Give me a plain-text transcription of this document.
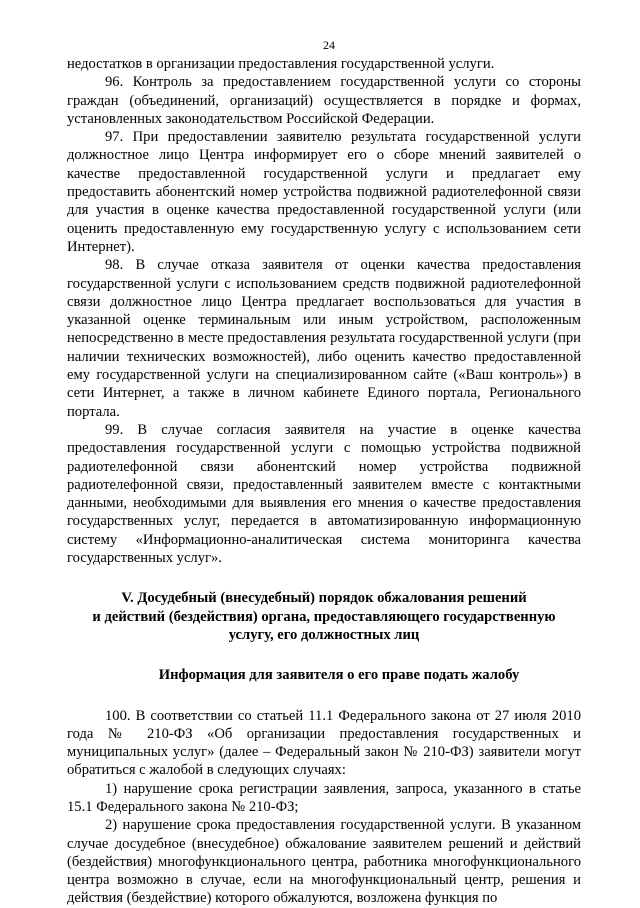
24

недостатков в организации предоставления государственной услуги.

96. Контроль за предоставлением государственной услуги со стороны граждан (объединений, организаций) осуществляется в порядке и формах, установленных законодательством Российской Федерации.

97. При предоставлении заявителю результата государственной услуги должностное лицо Центра информирует его о сборе мнений заявителей о качестве предоставленной государственной услуги и предлагает ему предоставить абонентский номер устройства подвижной радиотелефонной связи для участия в оценке качества предоставленной государственной услуги (или оценить предоставленную ему государственную услугу с использованием сети Интернет).

98. В случае отказа заявителя от оценки качества предоставления государственной услуги с использованием средств подвижной радиотелефонной связи должностное лицо Центра предлагает воспользоваться для участия в указанной оценке терминальным или иным устройством, расположенным непосредственно в месте предоставления результата государственной услуги (при наличии технических возможностей), либо оценить качество предоставленной ему государственной услуги на специализированном сайте («Ваш контроль») в сети Интернет, а также в личном кабинете Единого портала, Регионального портала.

99. В случае согласия заявителя на участие в оценке качества предоставления государственной услуги с помощью устройства подвижной радиотелефонной связи абонентский номер устройства подвижной радиотелефонной связи, предоставленный заявителем вместе с контактными данными, необходимыми для выявления его мнения о качестве предоставления государственных услуг, передается в автоматизированную информационную систему «Информационно-аналитическая система мониторинга качества государственных услуг».

V. Досудебный (внесудебный) порядок обжалования решений
и действий (бездействия) органа, предоставляющего государственную
услугу, его должностных лиц
Информация для заявителя о его праве подать жалобу

100. В соответствии со статьей 11.1 Федерального закона от 27 июля 2010 года № 210-ФЗ «Об организации предоставления государственных и муниципальных услуг» (далее – Федеральный закон № 210-ФЗ) заявители могут обратиться с жалобой в следующих случаях:

1) нарушение срока регистрации заявления, запроса, указанного в статье 15.1 Федерального закона № 210-ФЗ;

2) нарушение срока предоставления государственной услуги. В указанном случае досудебное (внесудебное) обжалование заявителем решений и действий (бездействия) многофункционального центра, работника многофункционального центра возможно в случае, если на многофункциональный центр, решения и действия (бездействие) которого обжалуются, возложена функция по
